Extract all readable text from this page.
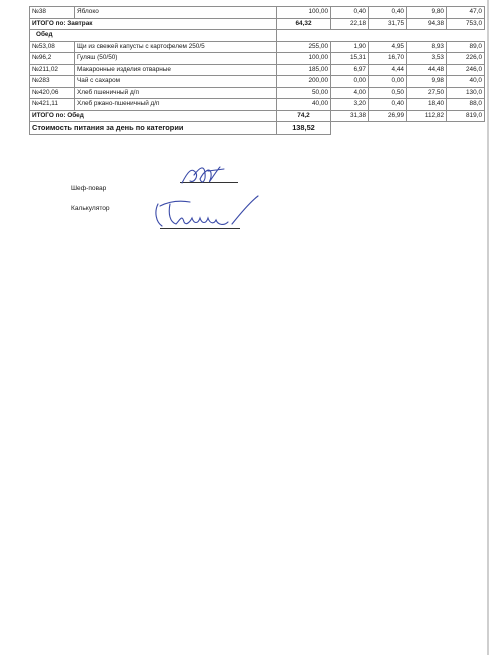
№38	Яблоко	100,00	0,40	0,40	9,80	47,0
ИТОГО по: Завтрак		64,32	22,18	31,75	94,38	753,0
Обед						
№53,08	Щи из свежей капусты с картофелем 250/5	255,00	1,90	4,95	8,93	89,0
№96,2	Гуляш (50/50)	100,00	15,31	16,70	3,53	226,0
№211,02	Макаронные изделия отварные	185,00	6,97	4,44	44,48	246,0
№283	Чай с сахаром	200,00	0,00	0,00	9,98	40,0
№420,06	Хлеб пшеничный д/п	50,00	4,00	0,50	27,50	130,0
№421,11	Хлеб ржано-пшеничный д/п	40,00	3,20	0,40	18,40	88,0
ИТОГО по: Обед		74,2	31,38	26,99	112,82	819,0
Стоимость питания за день по категории		138,52				
Шеф-повар
Калькулятор
